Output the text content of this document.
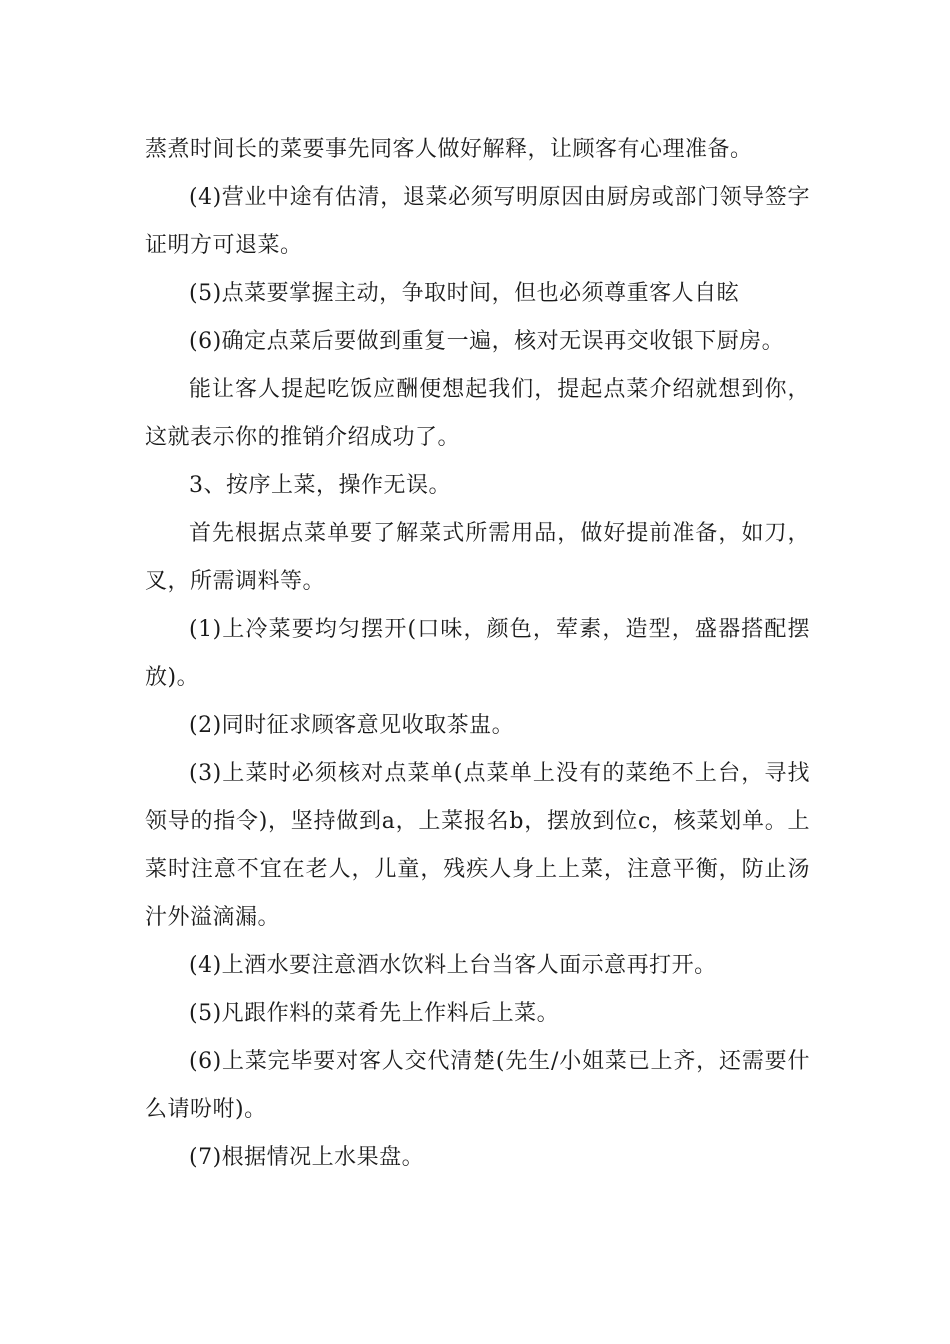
蒸煮时间长的菜要事先同客人做好解释，让顾客有心理准备。

(4)营业中途有估清，退菜必须写明原因由厨房或部门领导签字证明方可退菜。

(5)点菜要掌握主动，争取时间，但也必须尊重客人自眩

(6)确定点菜后要做到重复一遍，核对无误再交收银下厨房。

能让客人提起吃饭应酬便想起我们，提起点菜介绍就想到你，这就表示你的推销介绍成功了。

3、按序上菜，操作无误。

首先根据点菜单要了解菜式所需用品，做好提前准备，如刀，叉，所需调料等。

(1)上冷菜要均匀摆开(口味，颜色，荤素，造型，盛器搭配摆放)。

(2)同时征求顾客意见收取茶盅。

(3)上菜时必须核对点菜单(点菜单上没有的菜绝不上台，寻找领导的指令)，坚持做到a，上菜报名b，摆放到位c，核菜划单。上菜时注意不宜在老人，儿童，残疾人身上上菜，注意平衡，防止汤汁外溢滴漏。

(4)上酒水要注意酒水饮料上台当客人面示意再打开。

(5)凡跟作料的菜肴先上作料后上菜。

(6)上菜完毕要对客人交代清楚(先生/小姐菜已上齐，还需要什么请吩咐)。

(7)根据情况上水果盘。
